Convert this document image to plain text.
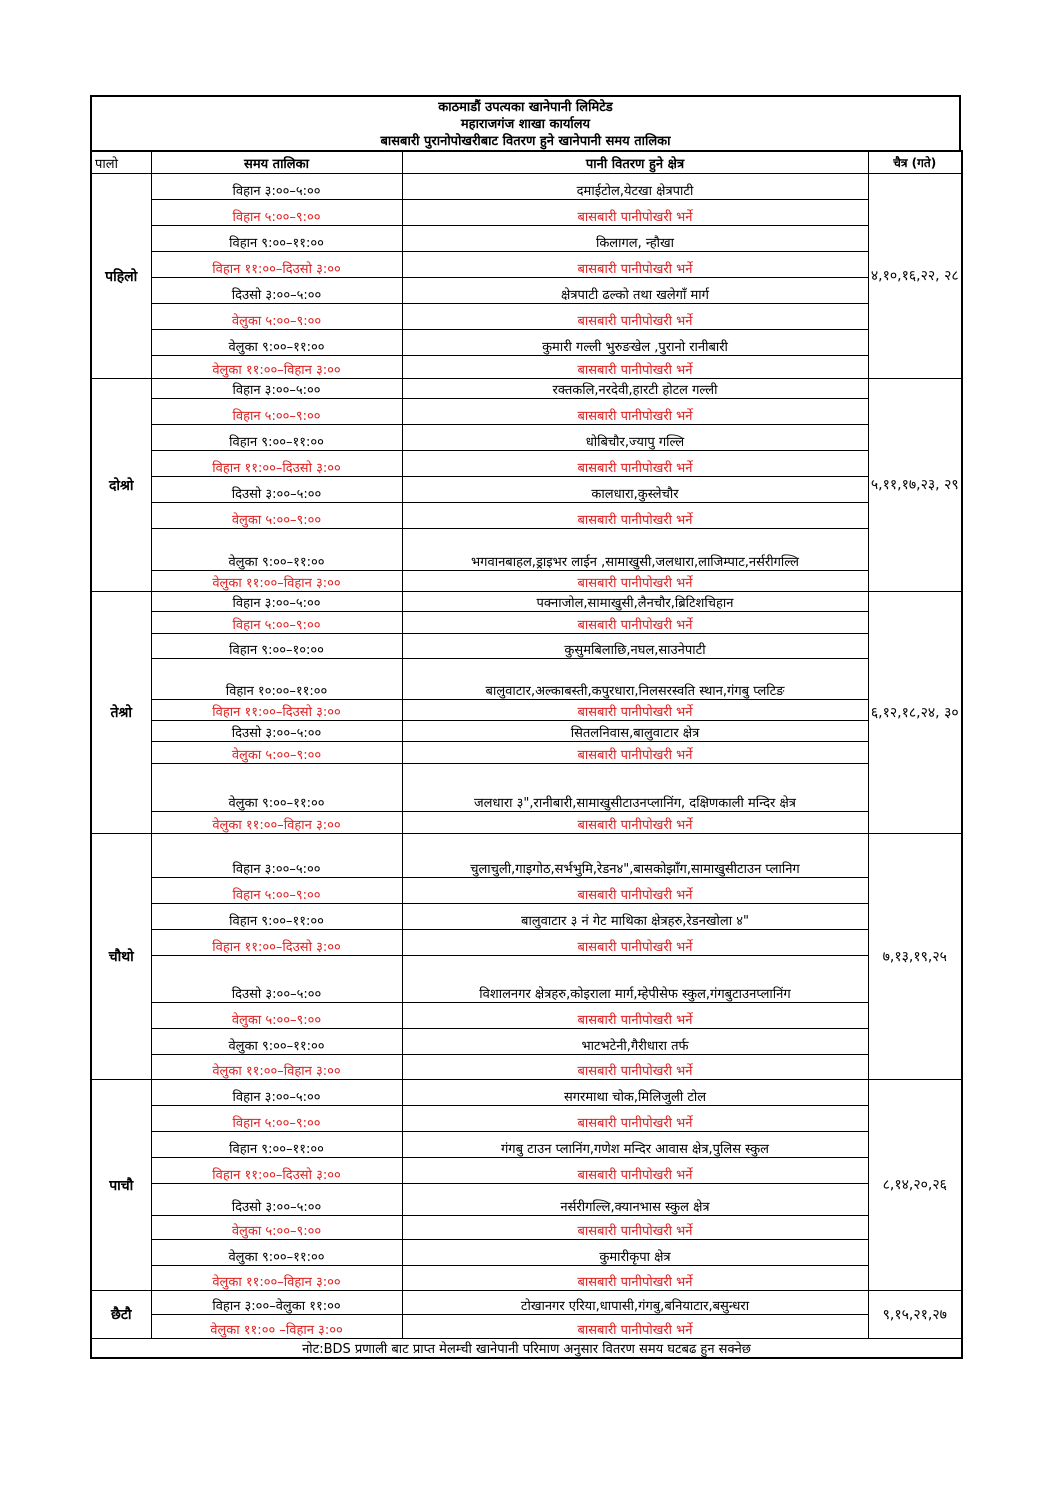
काठमाडौं उपत्यका खानेपानी लिमिटेड
महाराजगंज शाखा कार्यालय
बासबारी पुरानोपोखरीबाट वितरण हुने खानेपानी समय तालिका
पालो	समय तालिका	पानी वितरण हुने क्षेत्र	चैत्र (गते)
पहिलो	विहान ३:००–५:००	दमाईटोल,येटखा क्षेत्रपाटी	४,१०,१६,२२, २८
	विहान ५:००–९:००	बासबारी पानीपोखरी भर्ने	
	विहान ९:००–११:००	किलागल, न्हौखा	
	विहान ११:००–दिउसो ३:००	बासबारी पानीपोखरी भर्ने	
	दिउसो ३:००–५:००	क्षेत्रपाटी ढल्को तथा खलेगाँ मार्ग	
	वेलुका ५:००–९:००	बासबारी पानीपोखरी भर्ने	
	वेलुका ९:००–११:००	कुमारी गल्ली भुरुङखेल ,पुरानो रानीबारी	
	वेलुका ११:००–विहान ३:००	बासबारी पानीपोखरी भर्ने	
दोश्रो	विहान ३:००–५:००	रक्तकलि,नरदेवी,हारटी होटल गल्ली	५,११,१७,२३, २९
	विहान ५:००–९:००	बासबारी पानीपोखरी भर्ने	
	विहान ९:००–११:००	धोबिचौर,ज्यापु गल्लि	
	विहान ११:००–दिउसो ३:००	बासबारी पानीपोखरी भर्ने	
	दिउसो ३:००–५:००	कालधारा,कुस्लेचौर	
	वेलुका ५:००–९:००	बासबारी पानीपोखरी भर्ने	
	वेलुका ९:००–११:००	भगवानबाहल,ड्राइभर लाईन ,सामाखुसी,जलधारा,लाजिम्पाट,नर्सरीगल्लि	
	वेलुका ११:००–विहान ३:००	बासबारी पानीपोखरी भर्ने	
तेश्रो	विहान ३:००–५:००	पक्नाजोल,सामाखुसी,लैनचौर,ब्रिटिशचिहान	६,१२,१८,२४, ३०
	विहान ५:००–९:००	बासबारी पानीपोखरी भर्ने	
	विहान ९:००–१०:००	कुसुमबिलाछि,नघल,साउनेपाटी	
	विहान १०:००–११:००	बालुवाटार,अल्काबस्ती,कपुरधारा,निलसरस्वति स्थान,गंगबु प्लटिङ	
	विहान ११:००–दिउसो ३:००	बासबारी पानीपोखरी भर्ने	
	दिउसो ३:००–५:००	सितलनिवास,बालुवाटार क्षेत्र	
	वेलुका ५:००–९:००	बासबारी पानीपोखरी भर्ने	
	वेलुका ९:००–११:००	जलधारा ३",रानीबारी,सामाखुसीटाउनप्लानिंग, दक्षिणकाली मन्दिर क्षेत्र	
	वेलुका ११:००–विहान ३:००	बासबारी पानीपोखरी भर्ने	
चौथो	विहान ३:००–५:००	चुलाचुली,गाइगोठ,सर्भभुमि,रेडन४",बासकोझाँग,सामाखुसीटाउन प्लानिग	७,१३,१९,२५
	विहान ५:००–९:००	बासबारी पानीपोखरी भर्ने	
	विहान ९:००–११:००	बालुवाटार ३ नं गेट माथिका क्षेत्रहरु,रेडनखोला ४"	
	विहान ११:००–दिउसो ३:००	बासबारी पानीपोखरी भर्ने	
	दिउसो ३:००–५:००	विशालनगर क्षेत्रहरु,कोइराला मार्ग,म्हेपीसेफ स्कुल,गंगबुटाउनप्लानिंग	
	वेलुका ५:००–९:००	बासबारी पानीपोखरी भर्ने	
	वेलुका ९:००–११:००	भाटभटेनी,गैरीधारा तर्फ	
	वेलुका ११:००–विहान ३:००	बासबारी पानीपोखरी भर्ने	
पाचौ	विहान ३:००–५:००	सगरमाथा चोक,मिलिजुली टोल	८,१४,२०,२६
	विहान ५:००–९:००	बासबारी पानीपोखरी भर्ने	
	विहान ९:००–११:००	गंगबु टाउन प्लानिंग,गणेश मन्दिर आवास क्षेत्र,पुलिस स्कुल	
	विहान ११:००–दिउसो ३:००	बासबारी पानीपोखरी भर्ने	
	दिउसो ३:००–५:००	नर्सरीगल्लि,क्यानभास स्कुल क्षेत्र	
	वेलुका ५:००–९:००	बासबारी पानीपोखरी भर्ने	
	वेलुका ९:००–११:००	कुमारीकृपा क्षेत्र	
	वेलुका ११:००–विहान ३:००	बासबारी पानीपोखरी भर्ने	
छैटौ	विहान ३:००–वेलुका ११:००	टोखानगर एरिया,धापासी,गंगबु,बनियाटार,बसुन्धरा	९,१५,२१,२७
	वेलुका ११:०० –विहान ३:००	बासबारी पानीपोखरी भर्ने	
नोट:BDS प्रणाली बाट प्राप्त मेलम्ची खानेपानी परिमाण अनुसार वितरण समय घटबढ हुन सक्नेछ			
